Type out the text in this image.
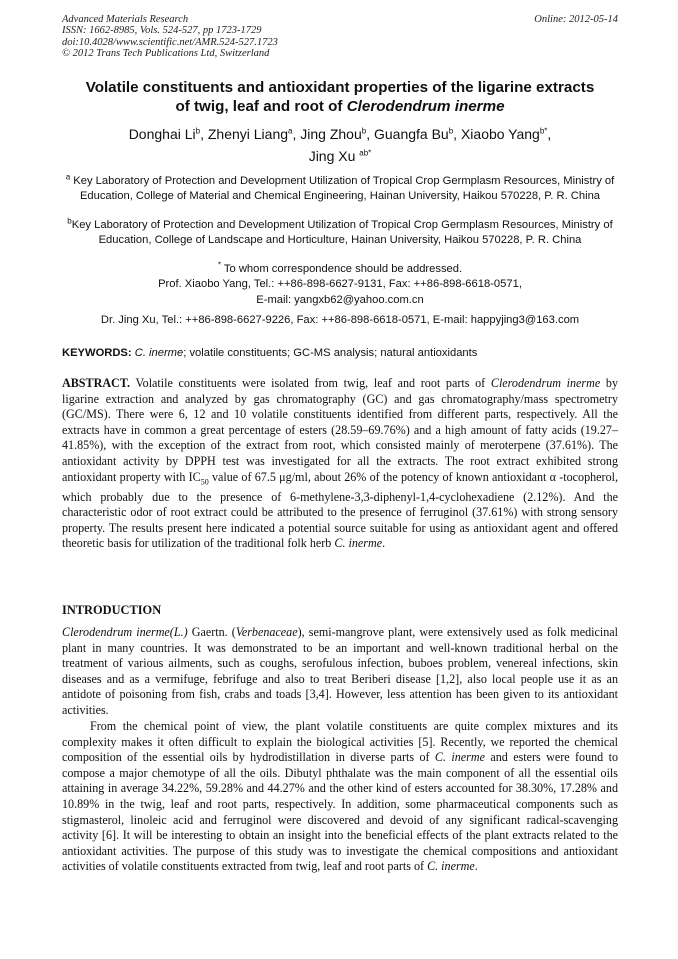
Advanced Materials Research
ISSN: 1662-8985, Vols. 524-527, pp 1723-1729
doi:10.4028/www.scientific.net/AMR.524-527.1723
© 2012 Trans Tech Publications Ltd, Switzerland
Online: 2012-05-14
Volatile constituents and antioxidant properties of the ligarine extracts
of twig, leaf and root of Clerodendrum inerme
Donghai Li$^b$, Zhenyi Liang$^a$, Jing Zhou$^b$, Guangfa Bu$^b$, Xiaobo Yang$^{b*}$,
Jing Xu $^{ab*}$
$^a$ Key Laboratory of Protection and Development Utilization of Tropical Crop Germplasm Resources, Ministry of Education, College of Material and Chemical Engineering, Hainan University, Haikou 570228, P. R. China
$^b$Key Laboratory of Protection and Development Utilization of Tropical Crop Germplasm Resources, Ministry of Education, College of Landscape and Horticulture, Hainan University, Haikou 570228, P. R. China
* To whom correspondence should be addressed.
Prof. Xiaobo Yang, Tel.: ++86-898-6627-9131, Fax: ++86-898-6618-0571,
E-mail: yangxb62@yahoo.com.cn
Dr. Jing Xu, Tel.: ++86-898-6627-9226, Fax: ++86-898-6618-0571, E-mail: happyjing3@163.com
KEYWORDS: C. inerme; volatile constituents; GC-MS analysis; natural antioxidants
ABSTRACT. Volatile constituents were isolated from twig, leaf and root parts of Clerodendrum inerme by ligarine extraction and analyzed by gas chromatography (GC) and gas chromatography/mass spectrometry (GC/MS). There were 6, 12 and 10 volatile constituents identified from different parts, respectively. All the extracts have in common a great percentage of esters (28.59–69.76%) and a high amount of fatty acids (19.27–41.85%), with the exception of the extract from root, which consisted mainly of meroterpene (37.61%). The antioxidant activity by DPPH test was investigated for all the extracts. The root extract exhibited strong antioxidant property with $IC_{50}$ value of 67.5 μg/ml, about 26% of the potency of known antioxidant α -tocopherol, which probably due to the presence of 6-methylene-3,3-diphenyl-1,4-cyclohexadiene (2.12%). And the characteristic odor of root extract could be attributed to the presence of ferruginol (37.61%) with strong sensory property. The results present here indicated a potential source suitable for using as antioxidant agent and offered theoretic basis for utilization of the traditional folk herb C. inerme.
INTRODUCTION
Clerodendrum inerme(L.) Gaertn. (Verbenaceae), semi-mangrove plant, were extensively used as folk medicinal plant in many countries. It was demonstrated to be an important and well-known traditional herbal on the treatment of various ailments, such as coughs, serofulous infection, buboes problem, venereal infections, skin diseases and as a vermifuge, febrifuge and also to treat Beriberi disease [1,2], also local people use it as an antidote of poisoning from fish, crabs and toads [3,4]. However, less attention has been given to its antioxidant activities.
From the chemical point of view, the plant volatile constituents are quite complex mixtures and its complexity makes it often difficult to explain the biological activities [5]. Recently, we reported the chemical composition of the essential oils by hydrodistillation in diverse parts of C. inerme and esters were found to compose a major chemotype of all the oils. Dibutyl phthalate was the main component of all the essential oils attaining in average 34.22%, 59.28% and 44.27% and the other kind of esters accounted for 38.30%, 17.28% and 10.89% in the twig, leaf and root parts, respectively. In addition, some pharmaceutical components such as stigmasterol, linoleic acid and ferruginol were discovered and devoid of any significant radical-scavenging activity [6]. It will be interesting to obtain an insight into the beneficial effects of the plant extracts related to the antioxidant activities. The purpose of this study was to investigate the chemical compositions and antioxidant activities of volatile constituents extracted from twig, leaf and root parts of C. inerme.
